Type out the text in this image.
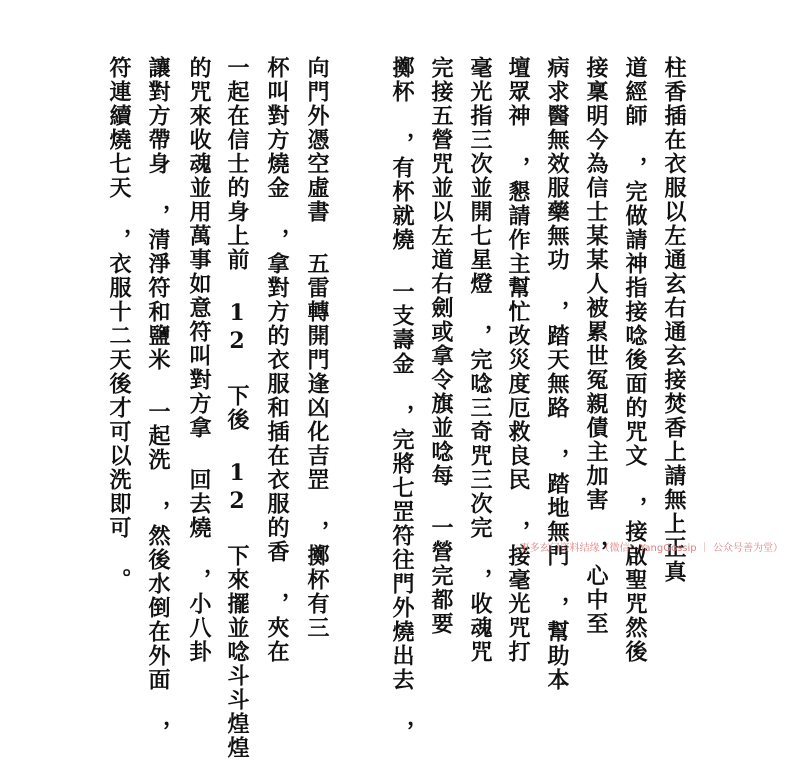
向門外憑空虛書 五雷轉開門逢凶化吉罡 ，擲杯有三
杯叫對方燒金 ，拿對方的衣服和插在衣服的香 ，夾在
一起在信士的身上前 12 下後 12 下來擺並唸斗斗煌煌
的咒來收魂並用萬事如意符叫對方拿 回去燒 ，小八卦
讓對方帶身 ，清淨符和鹽米 一起洗 ，然後水倒在外面 ，
符連續燒七天 ，衣服十二天後才可以洗即可 。	柱香插在衣服以左通玄右通玄接焚香上請無上正真
道經師 ，完做請神指接唸後面的咒文 ，接啟聖咒然後
接稟明今為信士某某人被累世冤親債主加害 ，心中至
病求醫無效服藥無功 ，踏天無路 ，踏地無門 ，幫助本
壇眾神 ，懇請作主幫忙改災度厄救良民 ，接毫光咒打
毫光指三次並開七星燈 ，完唸三奇咒三次完 ，收魂咒
完接五營咒並以左道右劍或拿令旗並唸每 一營完都要
擲杯 ，有杯就燒 一支壽金 ，完將七罡符往門外燒出去 ，	更多玄门资料结缘（微信：YangGossip ｜ 公众号善为堂）
